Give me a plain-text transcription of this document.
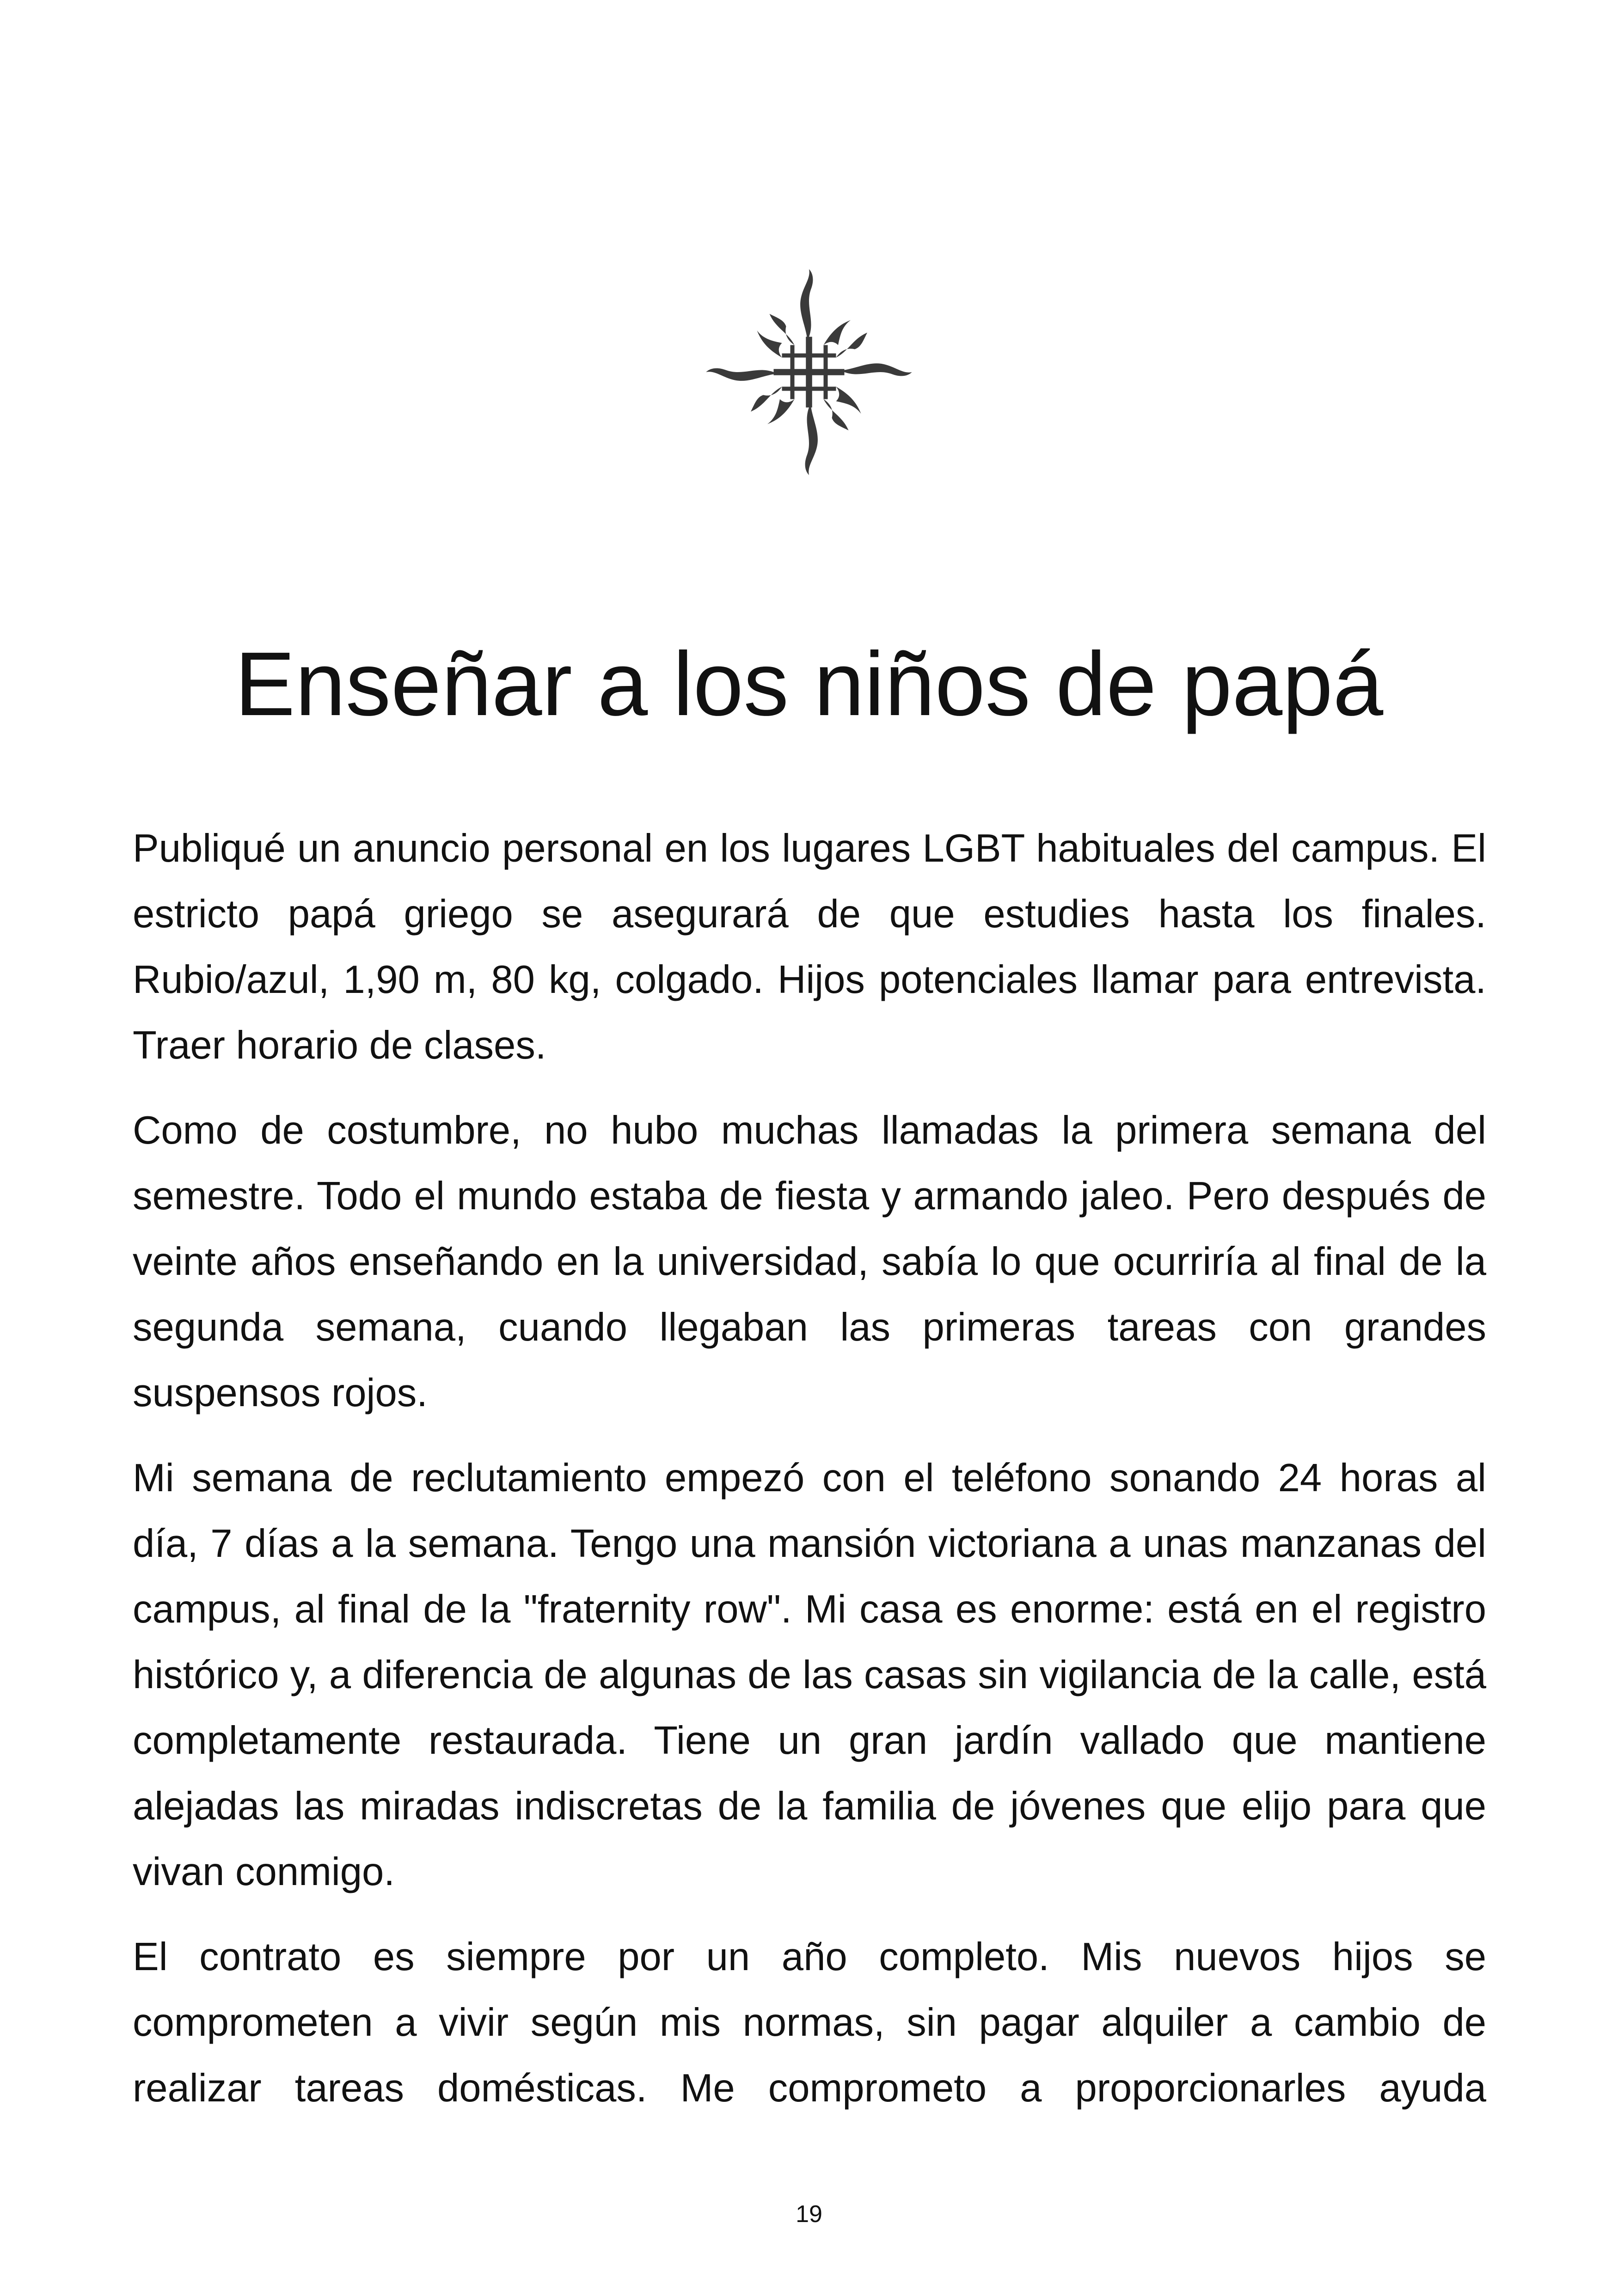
Enseñar a los niños de papá

Publiqué un anuncio personal en los lugares LGBT habituales del campus. El estricto papá griego se asegurará de que estudies hasta los finales. Rubio/azul, 1,90 m, 80 kg, colgado. Hijos potenciales llamar para entrevista. Traer horario de clases.

Como de costumbre, no hubo muchas llamadas la primera semana del semestre. Todo el mundo estaba de fiesta y armando jaleo. Pero después de veinte años enseñando en la universidad, sabía lo que ocurriría al final de la segunda semana, cuando llegaban las primeras tareas con grandes suspensos rojos.

Mi semana de reclutamiento empezó con el teléfono sonando 24 horas al día, 7 días a la semana. Tengo una mansión victoriana a unas manzanas del campus, al final de la "fraternity row". Mi casa es enorme: está en el registro histórico y, a diferencia de algunas de las casas sin vigilancia de la calle, está completamente restaurada. Tiene un gran jardín vallado que mantiene alejadas las miradas indiscretas de la familia de jóvenes que elijo para que vivan conmigo.

El contrato es siempre por un año completo. Mis nuevos hijos se comprometen a vivir según mis normas, sin pagar alquiler a cambio de realizar tareas domésticas. Me comprometo a proporcionarles ayuda

19
